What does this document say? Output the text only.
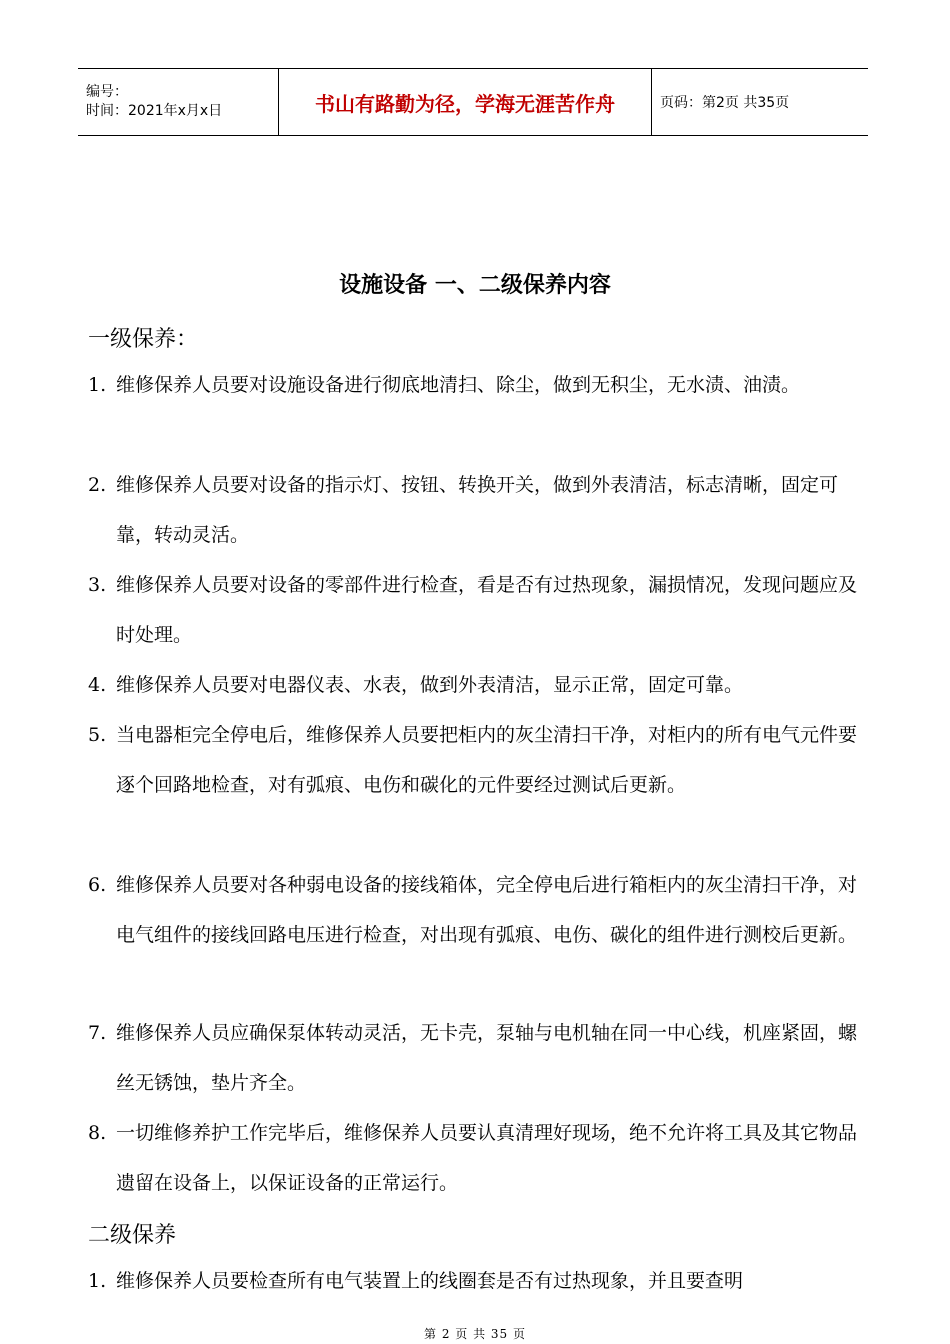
编号：
时间：2021年x月x日	书山有路勤为径，学海无涯苦作舟	页码：第2页 共35页
设施设备 一、二级保养内容
一级保养：
1. 维修保养人员要对设施设备进行彻底地清扫、除尘，做到无积尘，无水渍、油渍。
2. 维修保养人员要对设备的指示灯、按钮、转换开关，做到外表清洁，标志清晰，固定可靠，转动灵活。
3. 维修保养人员要对设备的零部件进行检查，看是否有过热现象，漏损情况，发现问题应及时处理。
4. 维修保养人员要对电器仪表、水表，做到外表清洁，显示正常，固定可靠。
5. 当电器柜完全停电后，维修保养人员要把柜内的灰尘清扫干净，对柜内的所有电气元件要逐个回路地检查，对有弧痕、电伤和碳化的元件要经过测试后更新。
6. 维修保养人员要对各种弱电设备的接线箱体，完全停电后进行箱柜内的灰尘清扫干净，对电气组件的接线回路电压进行检查，对出现有弧痕、电伤、碳化的组件进行测校后更新。
7. 维修保养人员应确保泵体转动灵活，无卡壳，泵轴与电机轴在同一中心线，机座紧固，螺丝无锈蚀，垫片齐全。
8. 一切维修养护工作完毕后，维修保养人员要认真清理好现场，绝不允许将工具及其它物品遗留在设备上，以保证设备的正常运行。
二级保养
1. 维修保养人员要检查所有电气装置上的线圈套是否有过热现象，并且要查明
第 2 页 共 35 页
